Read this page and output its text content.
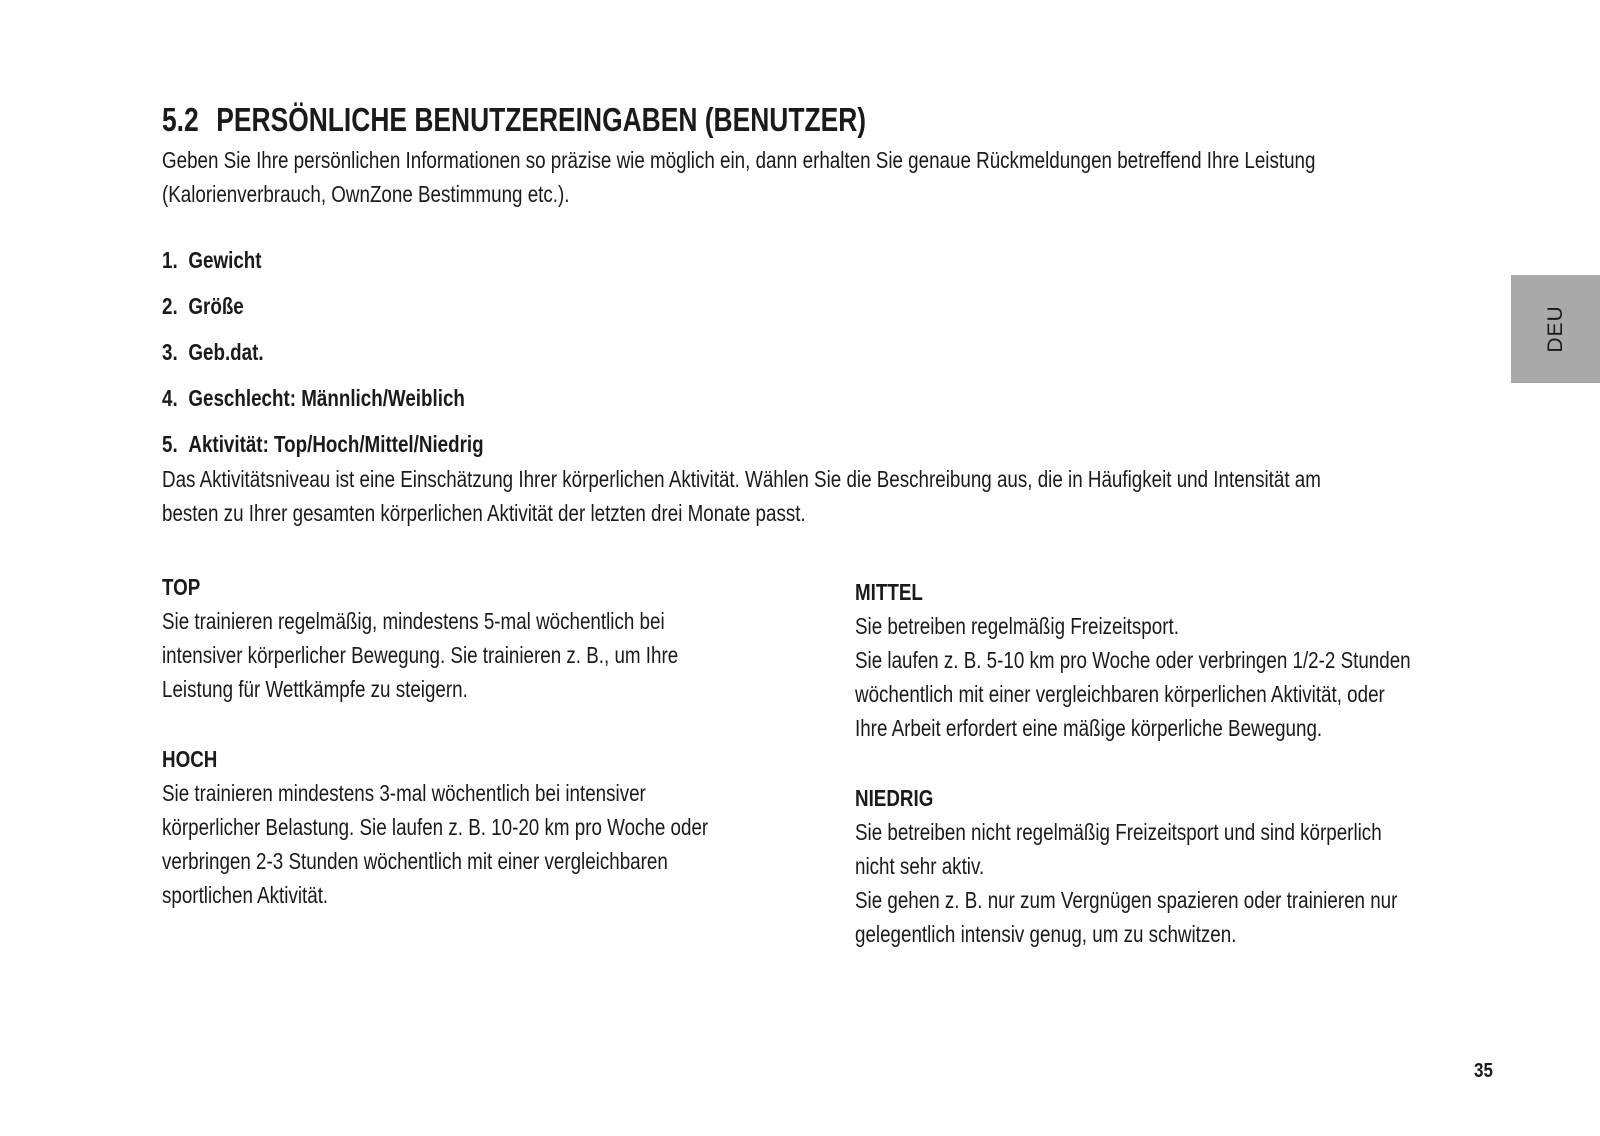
5.2 PERSÖNLICHE BENUTZEREINGABEN (BENUTZER)

Geben Sie Ihre persönlichen Informationen so präzise wie möglich ein, dann erhalten Sie genaue Rückmeldungen betreffend Ihre Leistung
(Kalorienverbrauch, OwnZone Bestimmung etc.).

1. Gewicht
2. Größe
3. Geb.dat.
4. Geschlecht: Männlich/Weiblich
5. Aktivität: Top/Hoch/Mittel/Niedrig

Das Aktivitätsniveau ist eine Einschätzung Ihrer körperlichen Aktivität. Wählen Sie die Beschreibung aus, die in Häufigkeit und Intensität am
besten zu Ihrer gesamten körperlichen Aktivität der letzten drei Monate passt.

TOP

Sie trainieren regelmäßig, mindestens 5-mal wöchentlich bei
intensiver körperlicher Bewegung. Sie trainieren z. B., um Ihre
Leistung für Wettkämpfe zu steigern.

HOCH

Sie trainieren mindestens 3-mal wöchentlich bei intensiver
körperlicher Belastung. Sie laufen z. B. 10-20 km pro Woche oder
verbringen 2-3 Stunden wöchentlich mit einer vergleichbaren
sportlichen Aktivität.

MITTEL

Sie betreiben regelmäßig Freizeitsport.
Sie laufen z. B. 5-10 km pro Woche oder verbringen 1/2-2 Stunden
wöchentlich mit einer vergleichbaren körperlichen Aktivität, oder
Ihre Arbeit erfordert eine mäßige körperliche Bewegung.

NIEDRIG

Sie betreiben nicht regelmäßig Freizeitsport und sind körperlich
nicht sehr aktiv.
Sie gehen z. B. nur zum Vergnügen spazieren oder trainieren nur
gelegentlich intensiv genug, um zu schwitzen.

DEU
35
